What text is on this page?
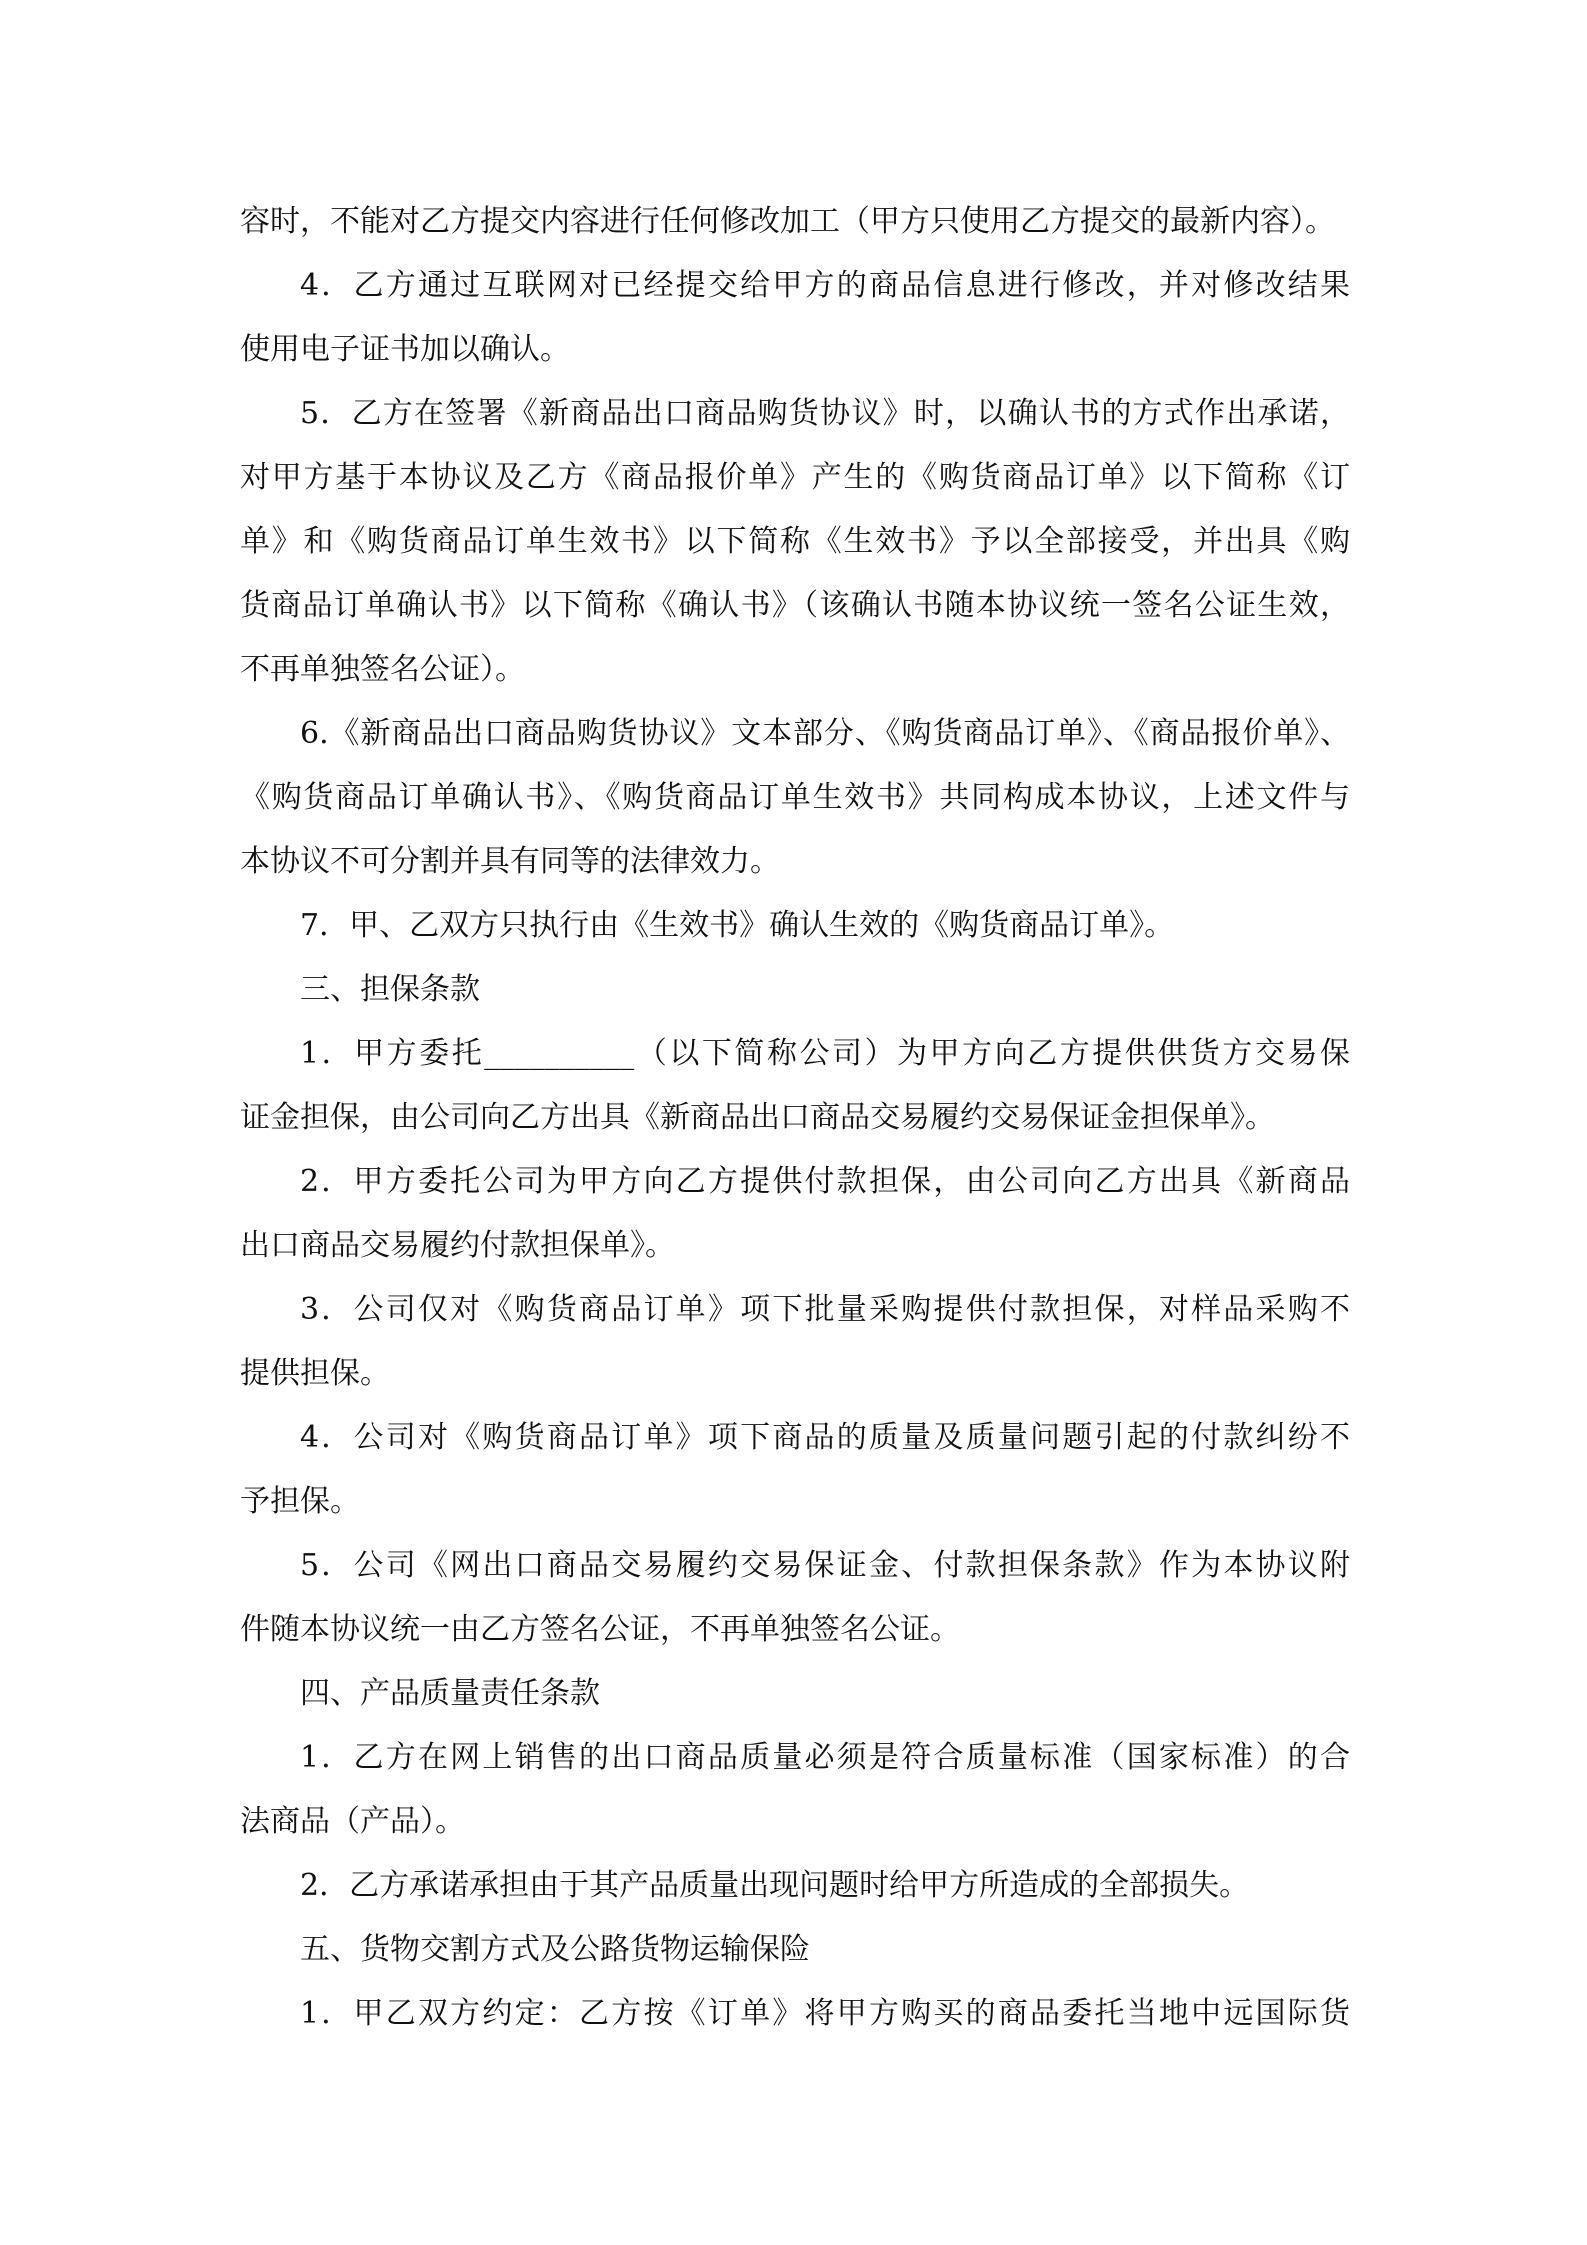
容时，不能对乙方提交内容进行任何修改加工（甲方只使用乙方提交的最新内容）。
4．乙方通过互联网对已经提交给甲方的商品信息进行修改，并对修改结果
使用电子证书加以确认。
5．乙方在签署《新商品出口商品购货协议》时，以确认书的方式作出承诺，
对甲方基于本协议及乙方《商品报价单》产生的《购货商品订单》以下简称《订
单》和《购货商品订单生效书》以下简称《生效书》予以全部接受，并出具《购
货商品订单确认书》以下简称《确认书》（该确认书随本协议统一签名公证生效，
不再单独签名公证）。
6.《新商品出口商品购货协议》文本部分、《购货商品订单》、《商品报价单》、
《购货商品订单确认书》、《购货商品订单生效书》共同构成本协议，上述文件与
本协议不可分割并具有同等的法律效力。
7．甲、乙双方只执行由《生效书》确认生效的《购货商品订单》。
三、担保条款
1．甲方委托__________（以下简称公司）为甲方向乙方提供供货方交易保
证金担保，由公司向乙方出具《新商品出口商品交易履约交易保证金担保单》。
2．甲方委托公司为甲方向乙方提供付款担保，由公司向乙方出具《新商品
出口商品交易履约付款担保单》。
3．公司仅对《购货商品订单》项下批量采购提供付款担保，对样品采购不
提供担保。
4．公司对《购货商品订单》项下商品的质量及质量问题引起的付款纠纷不
予担保。
5．公司《网出口商品交易履约交易保证金、付款担保条款》作为本协议附
件随本协议统一由乙方签名公证，不再单独签名公证。
四、产品质量责任条款
1．乙方在网上销售的出口商品质量必须是符合质量标准（国家标准）的合
法商品（产品）。
2．乙方承诺承担由于其产品质量出现问题时给甲方所造成的全部损失。
五、货物交割方式及公路货物运输保险
1．甲乙双方约定：乙方按《订单》将甲方购买的商品委托当地中远国际货
